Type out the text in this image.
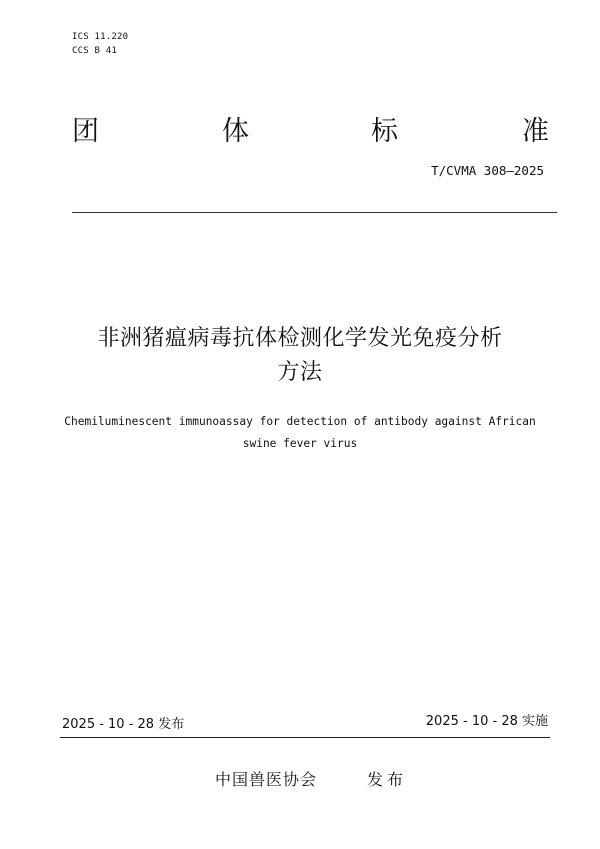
ICS 11.220
CCS B 41
团	体	标	准
T/CVMA 308—2025
非洲猪瘟病毒抗体检测化学发光免疫分析
方法
Chemiluminescent immunoassay for detection of antibody against African
swine fever virus
2025 - 10 - 28 发布	2025 - 10 - 28 实施
中国兽医协会	发布
